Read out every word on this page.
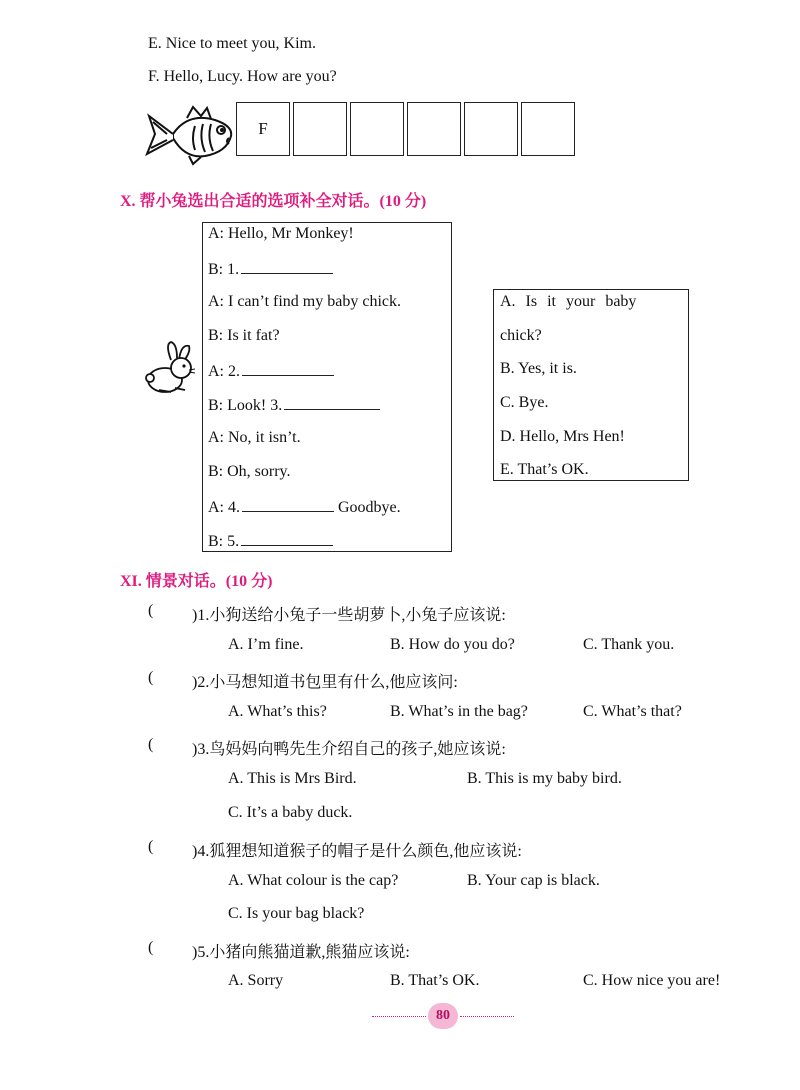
E. Nice to meet you, Kim.
F. Hello, Lucy. How are you?
F
X. 帮小兔选出合适的选项补全对话。(10 分)
A: Hello, Mr Monkey!
B: 1.
A: I can’t find my baby chick.
B: Is it fat?
A: 2.
B: Look! 3.
A: No, it isn’t.
B: Oh, sorry.
A: 4.	Goodbye.
B: 5.
A. Is it your baby
chick?
B. Yes, it is.
C. Bye.
D. Hello, Mrs Hen!
E. That’s OK.
XI. 情景对话。(10 分)
( )1.小狗送给小兔子一些胡萝卜,小兔子应该说:
A. I’m fine.	B. How do you do?	C. Thank you.
( )2.小马想知道书包里有什么,他应该问:
A. What’s this?	B. What’s in the bag?	C. What’s that?
( )3.鸟妈妈向鸭先生介绍自己的孩子,她应该说:
A. This is Mrs Bird.	B. This is my baby bird.
C. It’s a baby duck.
( )4.狐狸想知道猴子的帽子是什么颜色,他应该说:
A. What colour is the cap?	B. Your cap is black.
C. Is your bag black?
( )5.小猪向熊猫道歉,熊猫应该说:
A. Sorry	B. That’s OK.	C. How nice you are!
80
